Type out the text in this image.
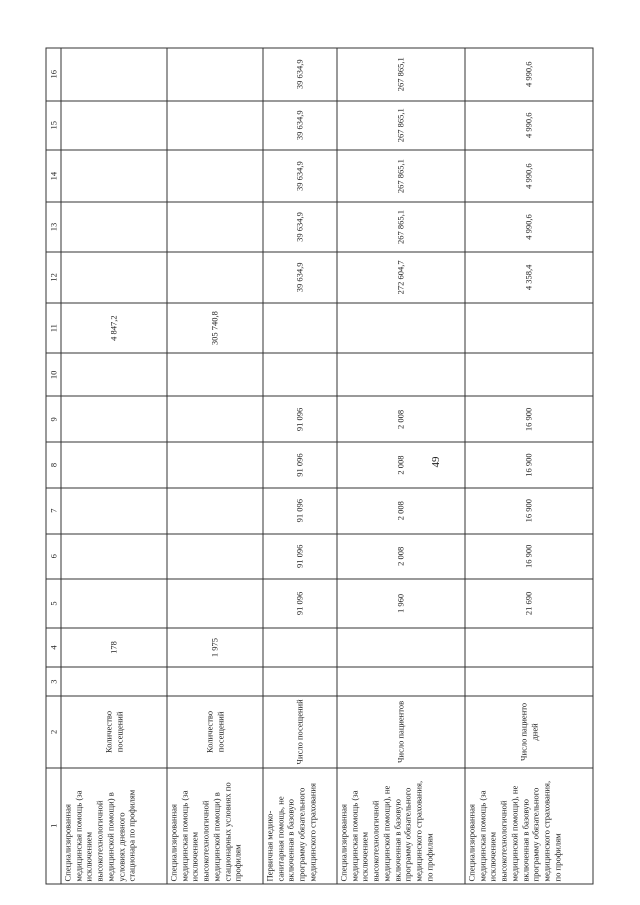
49
1	2	3	4	5	6	7	8	9	10	11	12	13	14	15	16
Специализированная медицинская помощь (за исключением высокотехнологичной медицинской помощи) в условиях дневного стационара по профилям	Количество посещений		178							4 847,2					
Специализированная медицинская помощь (за исключением высокотехнологичной медицинской помощи) в стационарных условиях по профилям	Количество посещений		1 975							305 740,8					
Первичная медико-санитарная помощь, не включенная в базовую программу обязательного медицинского страхования	Число посещений			91 096	91 096	91 096	91 096	91 096			39 634,9	39 634,9	39 634,9	39 634,9	39 634,9
Специализированная медицинская помощь (за исключением высокотехнологичной медицинской помощи), не включенная в базовую программу обязательного медицинского страхования, по профилям	Число пациентов			1 960	2 008	2 008	2 008	2 008			272 604,7	267 865,1	267 865,1	267 865,1	267 865,1
Специализированная медицинская помощь (за исключением высокотехнологичной медицинской помощи), не включенная в базовую программу обязательного медицинского страхования, по профилям	Число пациенто дней			21 690	16 900	16 900	16 900	16 900			4 358,4	4 990,6	4 990,6	4 990,6	4 990,6
